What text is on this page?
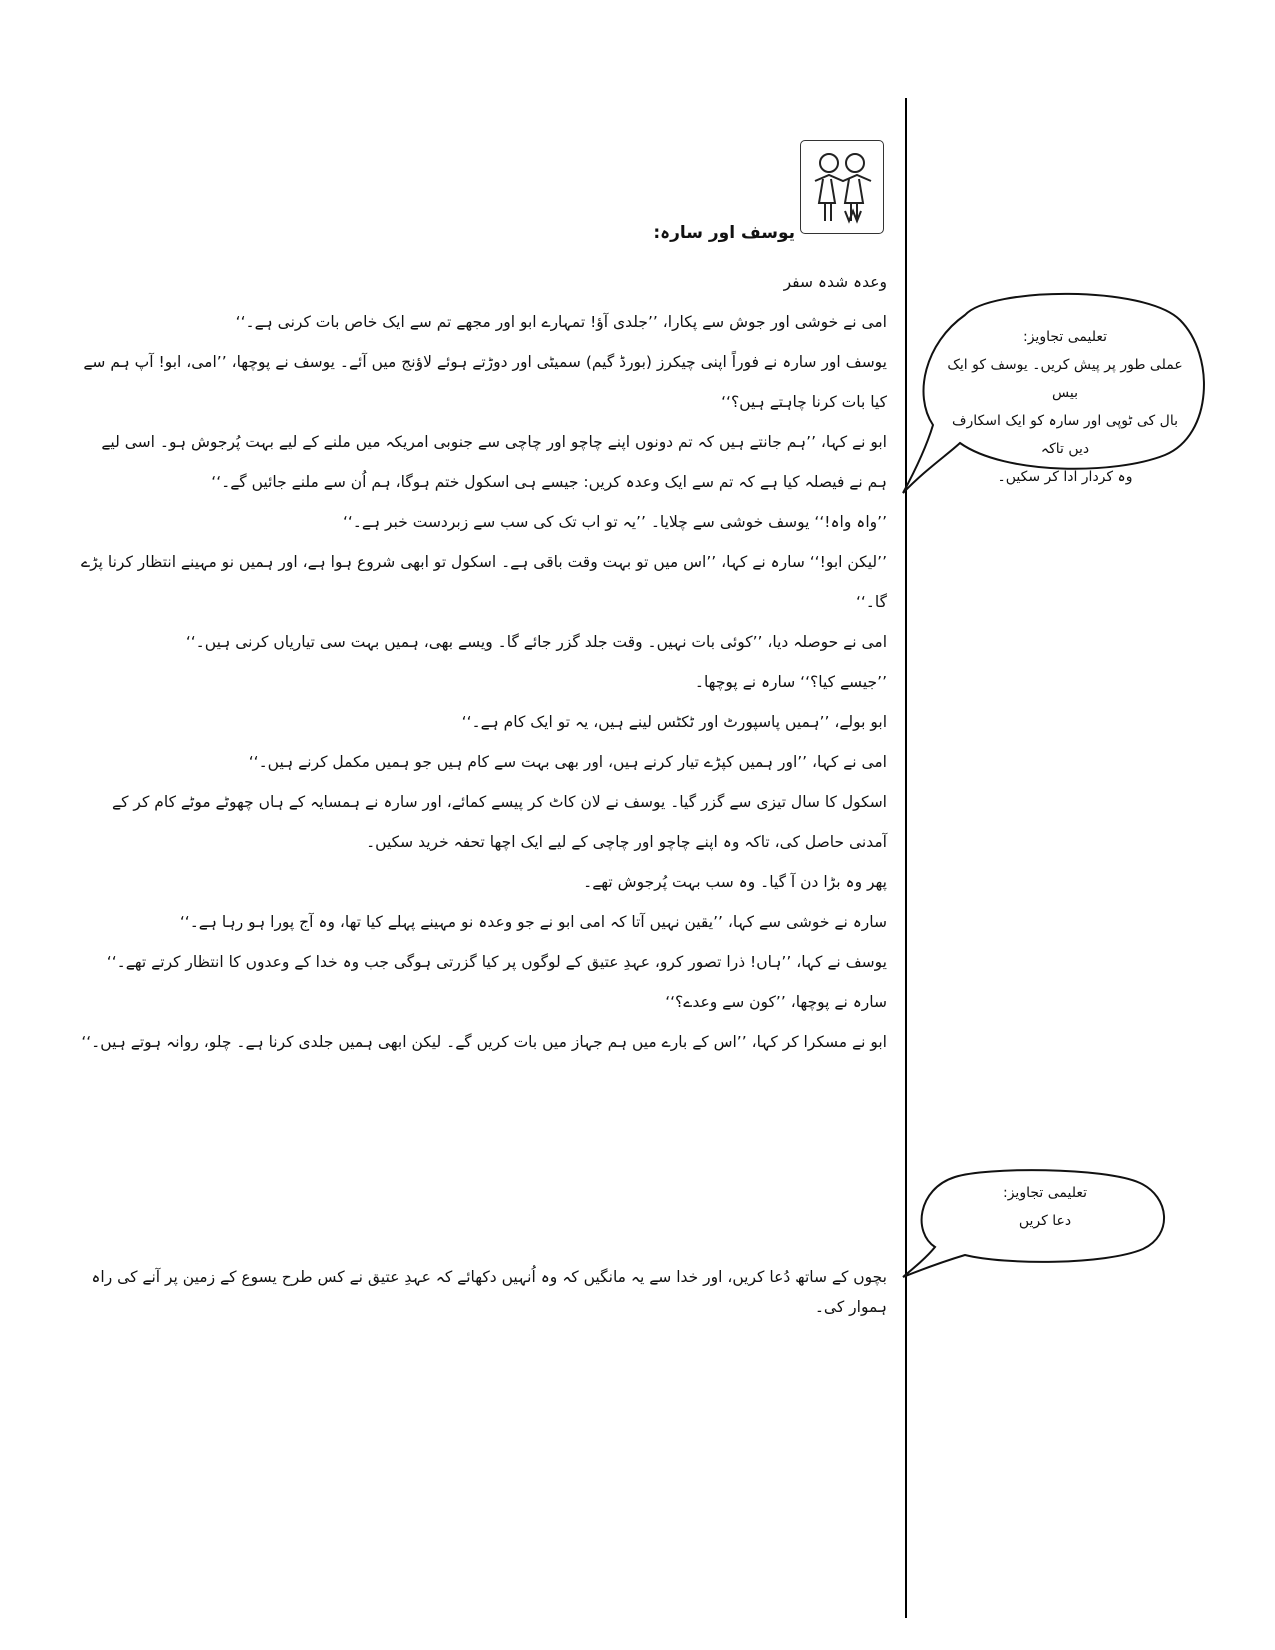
یوسف اور سارہ:

وعدہ شدہ سفر

امی نے خوشی اور جوش سے پکارا، ’’جلدی آؤ! تمہارے ابو اور مجھے تم سے ایک خاص بات کرنی ہے۔‘‘

یوسف اور سارہ نے فوراً اپنی چیکرز (بورڈ گیم) سمیٹی اور دوڑتے ہوئے لاؤنج میں آئے۔ یوسف نے پوچھا، ’’امی، ابو! آپ ہم سے کیا بات کرنا چاہتے ہیں؟‘‘

ابو نے کہا، ’’ہم جانتے ہیں کہ تم دونوں اپنے چاچو اور چاچی سے جنوبی امریکہ میں ملنے کے لیے بہت پُرجوش ہو۔ اسی لیے ہم نے فیصلہ کیا ہے کہ تم سے ایک وعدہ کریں: جیسے ہی اسکول ختم ہوگا، ہم اُن سے ملنے جائیں گے۔‘‘

’’واہ واہ!‘‘ یوسف خوشی سے چلایا۔ ’’یہ تو اب تک کی سب سے زبردست خبر ہے۔‘‘

’’لیکن ابو!‘‘ سارہ نے کہا، ’’اس میں تو بہت وقت باقی ہے۔ اسکول تو ابھی شروع ہوا ہے، اور ہمیں نو مہینے انتظار کرنا پڑے گا۔‘‘

امی نے حوصلہ دیا، ’’کوئی بات نہیں۔ وقت جلد گزر جائے گا۔ ویسے بھی، ہمیں بہت سی تیاریاں کرنی ہیں۔‘‘

’’جیسے کیا؟‘‘ سارہ نے پوچھا۔

ابو بولے، ’’ہمیں پاسپورٹ اور ٹکٹس لینے ہیں، یہ تو ایک کام ہے۔‘‘

امی نے کہا، ’’اور ہمیں کپڑے تیار کرنے ہیں، اور بھی بہت سے کام ہیں جو ہمیں مکمل کرنے ہیں۔‘‘

اسکول کا سال تیزی سے گزر گیا۔ یوسف نے لان کاٹ کر پیسے کمائے، اور سارہ نے ہمسایہ کے ہاں چھوٹے موٹے کام کر کے آمدنی حاصل کی، تاکہ وہ اپنے چاچو اور چاچی کے لیے ایک اچھا تحفہ خرید سکیں۔

پھر وہ بڑا دن آ گیا۔ وہ سب بہت پُرجوش تھے۔

سارہ نے خوشی سے کہا، ’’یقین نہیں آتا کہ امی ابو نے جو وعدہ نو مہینے پہلے کیا تھا، وہ آج پورا ہو رہا ہے۔‘‘

یوسف نے کہا، ’’ہاں! ذرا تصور کرو، عہدِ عتیق کے لوگوں پر کیا گزرتی ہوگی جب وہ خدا کے وعدوں کا انتظار کرتے تھے۔‘‘

سارہ نے پوچھا، ’’کون سے وعدے؟‘‘

ابو نے مسکرا کر کہا، ’’اس کے بارے میں ہم جہاز میں بات کریں گے۔ لیکن ابھی ہمیں جلدی کرنا ہے۔ چلو، روانہ ہوتے ہیں۔‘‘

بچوں کے ساتھ دُعا کریں، اور خدا سے یہ مانگیں کہ وہ اُنہیں دکھائے کہ عہدِ عتیق نے کس طرح یسوع کے زمین پر آنے کی راہ ہموار کی۔
تعلیمی تجاویز:
عملی طور پر پیش کریں۔ یوسف کو ایک بیس
بال کی ٹوپی اور سارہ کو ایک اسکارف دیں تاکہ
وہ کردار ادا کر سکیں۔
تعلیمی تجاویز:
دعا کریں
